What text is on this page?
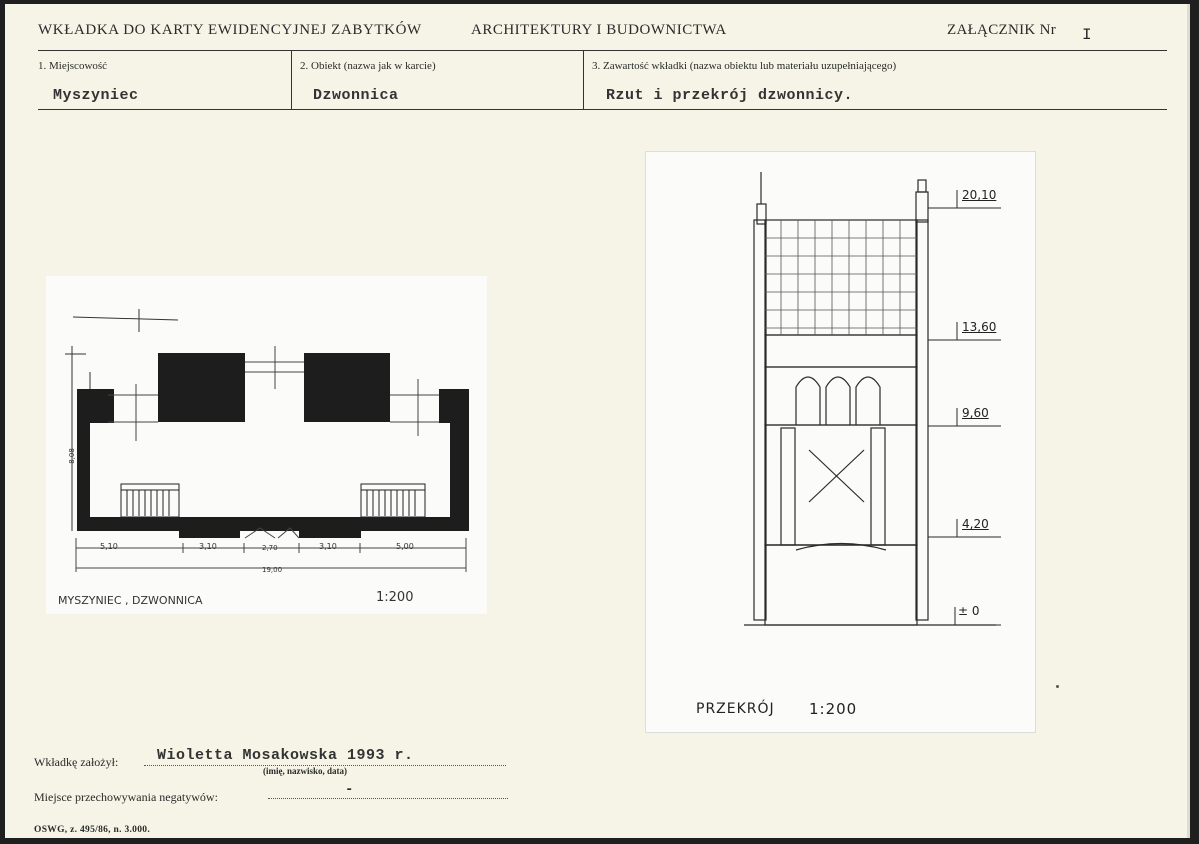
WKŁADKA DO KARTY EWIDENCYJNEJ ZABYTKÓW	ARCHITEKTURY I BUDOWNICTWA	ZAŁĄCZNIK Nr I
1. Miejscowość	2. Obiekt (nazwa jak w karcie)	3. Zawartość wkładki (nazwa obiektu lub materiału uzupełniającego)
Myszyniec	Dzwonnica	Rzut i przekrój dzwonnicy.
5,10	3,10	2,70	3,10	5,00
19,00
8,08
MYSZYNIEC , DZWONNICA	1:200
20,10
13,60
9,60
4,20
± 0
PRZEKRÓJ 1:200
Wkładkę założył:	Wioletta Mosakowska 1993 r.
(imię, nazwisko, data)
Miejsce przechowywania negatywów:	-
OSWG, z. 495/86, n. 3.000.
